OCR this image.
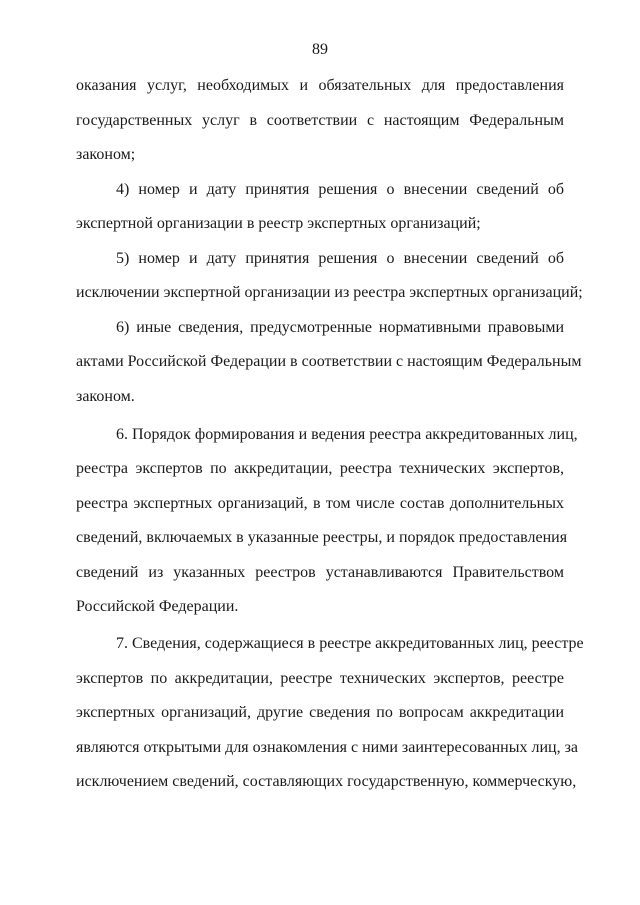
89
оказания услуг, необходимых и обязательных для предоставления
государственных услуг в соответствии с настоящим Федеральным
законом;
4) номер и дату принятия решения о внесении сведений об
экспертной организации в реестр экспертных организаций;
5) номер и дату принятия решения о внесении сведений об
исключении экспертной организации из реестра экспертных организаций;
6) иные сведения, предусмотренные нормативными правовыми
актами Российской Федерации в соответствии с настоящим Федеральным
законом.
6. Порядок формирования и ведения реестра аккредитованных лиц,
реестра экспертов по аккредитации, реестра технических экспертов,
реестра экспертных организаций, в том числе состав дополнительных
сведений, включаемых в указанные реестры, и порядок предоставления
сведений из указанных реестров устанавливаются Правительством
Российской Федерации.
7. Сведения, содержащиеся в реестре аккредитованных лиц, реестре
экспертов по аккредитации, реестре технических экспертов, реестре
экспертных организаций, другие сведения по вопросам аккредитации
являются открытыми для ознакомления с ними заинтересованных лиц, за
исключением сведений, составляющих государственную, коммерческую,
